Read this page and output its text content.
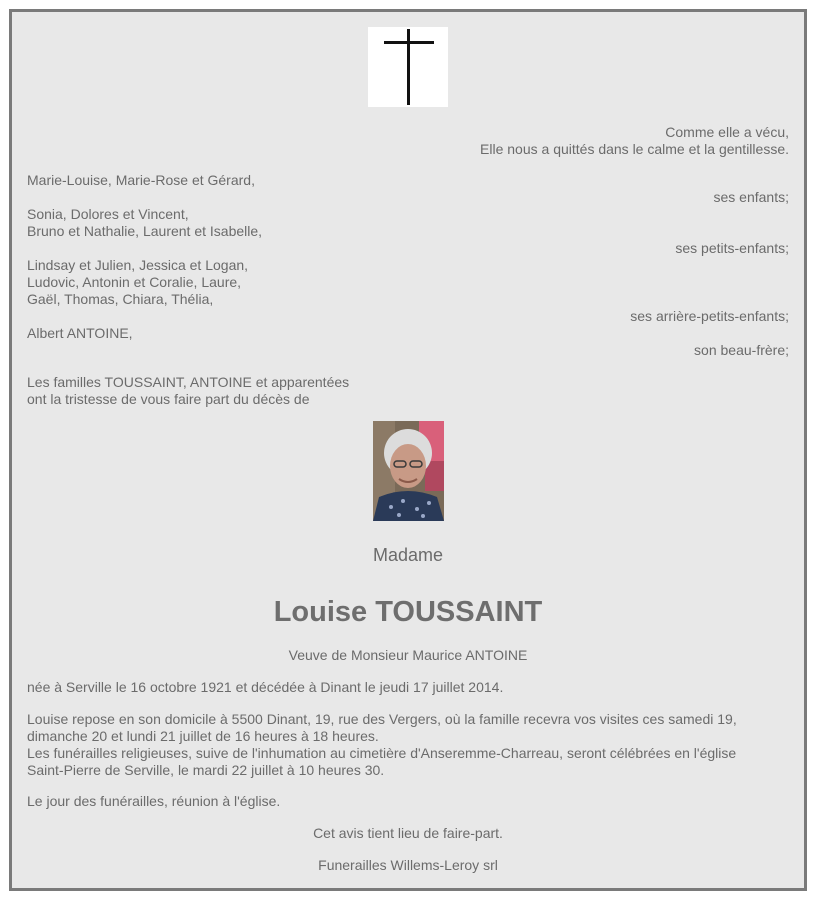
Comme elle a vécu,
Elle nous a quittés dans le calme et la gentillesse.
Marie-Louise, Marie-Rose et Gérard,
ses enfants;
Sonia, Dolores et Vincent,
Bruno et Nathalie, Laurent et Isabelle,
ses petits-enfants;
Lindsay et Julien, Jessica et Logan,
Ludovic, Antonin et Coralie, Laure,
Gaël, Thomas, Chiara, Thélia,
ses arrière-petits-enfants;
Albert ANTOINE,
son beau-frère;
Les familles TOUSSAINT, ANTOINE et apparentées
ont la tristesse de vous faire part du décès de
Madame
Louise TOUSSAINT
Veuve de Monsieur Maurice ANTOINE
née à Serville le 16 octobre 1921 et décédée à Dinant le jeudi 17 juillet 2014.
Louise repose en son domicile à 5500 Dinant, 19, rue des Vergers, où la famille recevra vos visites ces samedi 19,
dimanche 20 et lundi 21 juillet de 16 heures à 18 heures.
Les funérailles religieuses, suive de l'inhumation au cimetière d'Anseremme-Charreau, seront célébrées en l'église
Saint-Pierre de Serville, le mardi 22 juillet à 10 heures 30.
Le jour des funérailles, réunion à l'église.
Cet avis tient lieu de faire-part.
Funerailles Willems-Leroy srl
